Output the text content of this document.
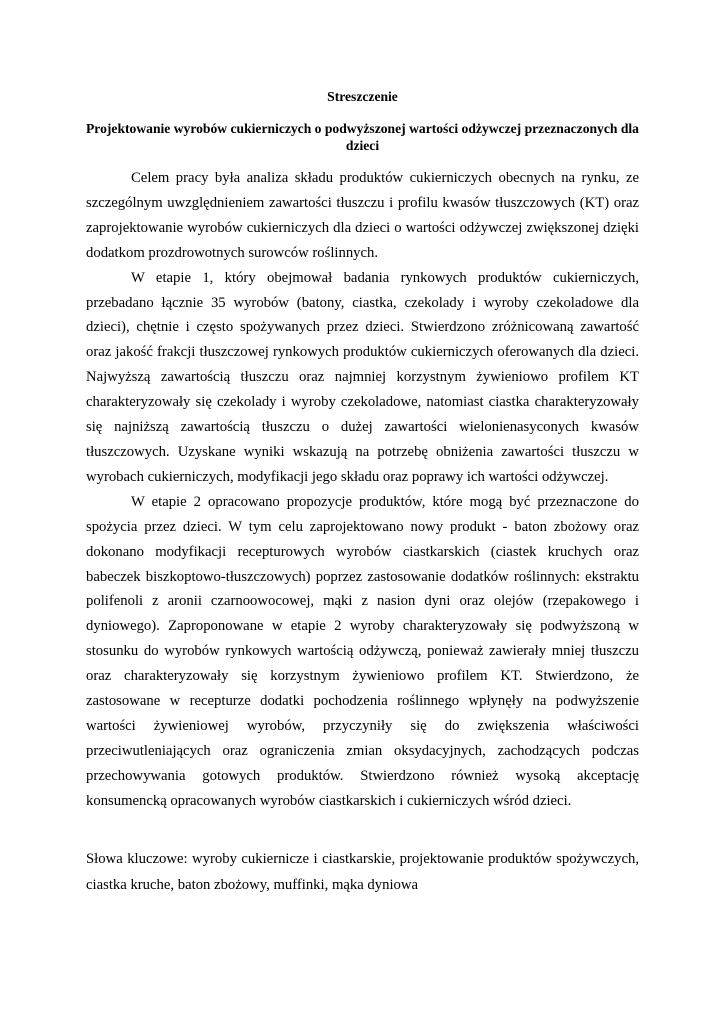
Streszczenie
Projektowanie wyrobów cukierniczych o podwyższonej wartości odżywczej przeznaczonych dla dzieci

Celem pracy była analiza składu produktów cukierniczych obecnych na rynku, ze szczególnym uwzględnieniem zawartości tłuszczu i profilu kwasów tłuszczowych (KT) oraz zaprojektowanie wyrobów cukierniczych dla dzieci o wartości odżywczej zwiększonej dzięki dodatkom prozdrowotnych surowców roślinnych.

W etapie 1, który obejmował badania rynkowych produktów cukierniczych, przebadano łącznie 35 wyrobów (batony, ciastka, czekolady i wyroby czekoladowe dla dzieci), chętnie i często spożywanych przez dzieci. Stwierdzono zróżnicowaną zawartość oraz jakość frakcji tłuszczowej rynkowych produktów cukierniczych oferowanych dla dzieci. Najwyższą zawartością tłuszczu oraz najmniej korzystnym żywieniowo profilem KT charakteryzowały się czekolady i wyroby czekoladowe, natomiast ciastka charakteryzowały się najniższą zawartością tłuszczu o dużej zawartości wielonienasyconych kwasów tłuszczowych. Uzyskane wyniki wskazują na potrzebę obniżenia zawartości tłuszczu w wyrobach cukierniczych, modyfikacji jego składu oraz poprawy ich wartości odżywczej.

W etapie 2 opracowano propozycje produktów, które mogą być przeznaczone do spożycia przez dzieci. W tym celu zaprojektowano nowy produkt - baton zbożowy oraz dokonano modyfikacji recepturowych wyrobów ciastkarskich (ciastek kruchych oraz babeczek biszkoptowo-tłuszczowych) poprzez zastosowanie dodatków roślinnych: ekstraktu polifenoli z aronii czarnoowocowej, mąki z nasion dyni oraz olejów (rzepakowego i dyniowego). Zaproponowane w etapie 2 wyroby charakteryzowały się podwyższoną w stosunku do wyrobów rynkowych wartością odżywczą, ponieważ zawierały mniej tłuszczu oraz charakteryzowały się korzystnym żywieniowo profilem KT. Stwierdzono, że zastosowane w recepturze dodatki pochodzenia roślinnego wpłynęły na podwyższenie wartości żywieniowej wyrobów, przyczyniły się do zwiększenia właściwości przeciwutleniających oraz ograniczenia zmian oksydacyjnych, zachodzących podczas przechowywania gotowych produktów. Stwierdzono również wysoką akceptację konsumencką opracowanych wyrobów ciastkarskich i cukierniczych wśród dzieci.

Słowa kluczowe: wyroby cukiernicze i ciastkarskie, projektowanie produktów spożywczych, ciastka kruche, baton zbożowy, muffinki, mąka dyniowa
